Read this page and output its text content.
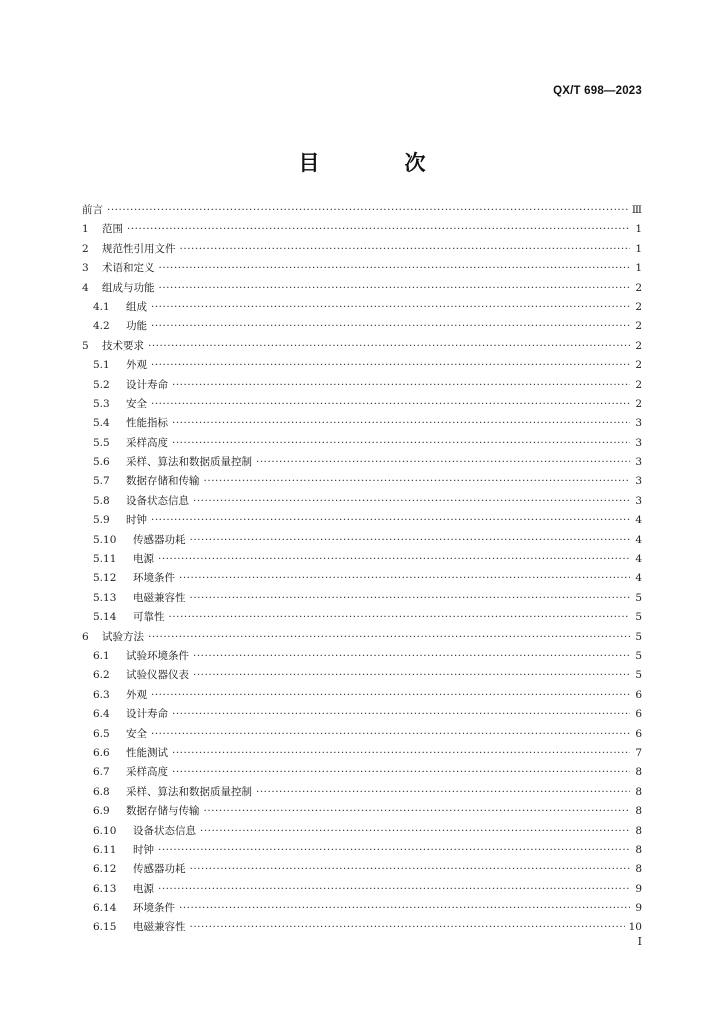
QX/T 698—2023
目　次
前言 ·····	Ⅲ
1	范围 ·····	1
2	规范性引用文件 ·····	1
3	术语和定义 ·····	1
4	组成与功能 ·····	2
4.1	组成 ·····	2
4.2	功能 ·····	2
5	技术要求 ·····	2
5.1	外观 ·····	2
5.2	设计寿命 ·····	2
5.3	安全 ·····	2
5.4	性能指标 ·····	3
5.5	采样高度 ·····	3
5.6	采样、算法和数据质量控制 ·····	3
5.7	数据存储和传输 ·····	3
5.8	设备状态信息 ·····	3
5.9	时钟 ·····	4
5.10	传感器功耗 ·····	4
5.11	电源 ·····	4
5.12	环境条件 ·····	4
5.13	电磁兼容性 ·····	5
5.14	可靠性 ·····	5
6	试验方法 ·····	5
6.1	试验环境条件 ·····	5
6.2	试验仪器仪表 ·····	5
6.3	外观 ·····	6
6.4	设计寿命 ·····	6
6.5	安全 ·····	6
6.6	性能测试 ·····	7
6.7	采样高度 ·····	8
6.8	采样、算法和数据质量控制 ·····	8
6.9	数据存储与传输 ·····	8
6.10	设备状态信息 ·····	8
6.11	时钟 ·····	8
6.12	传感器功耗 ·····	8
6.13	电源 ·····	9
6.14	环境条件 ·····	9
6.15	电磁兼容性 ·····	10
I
